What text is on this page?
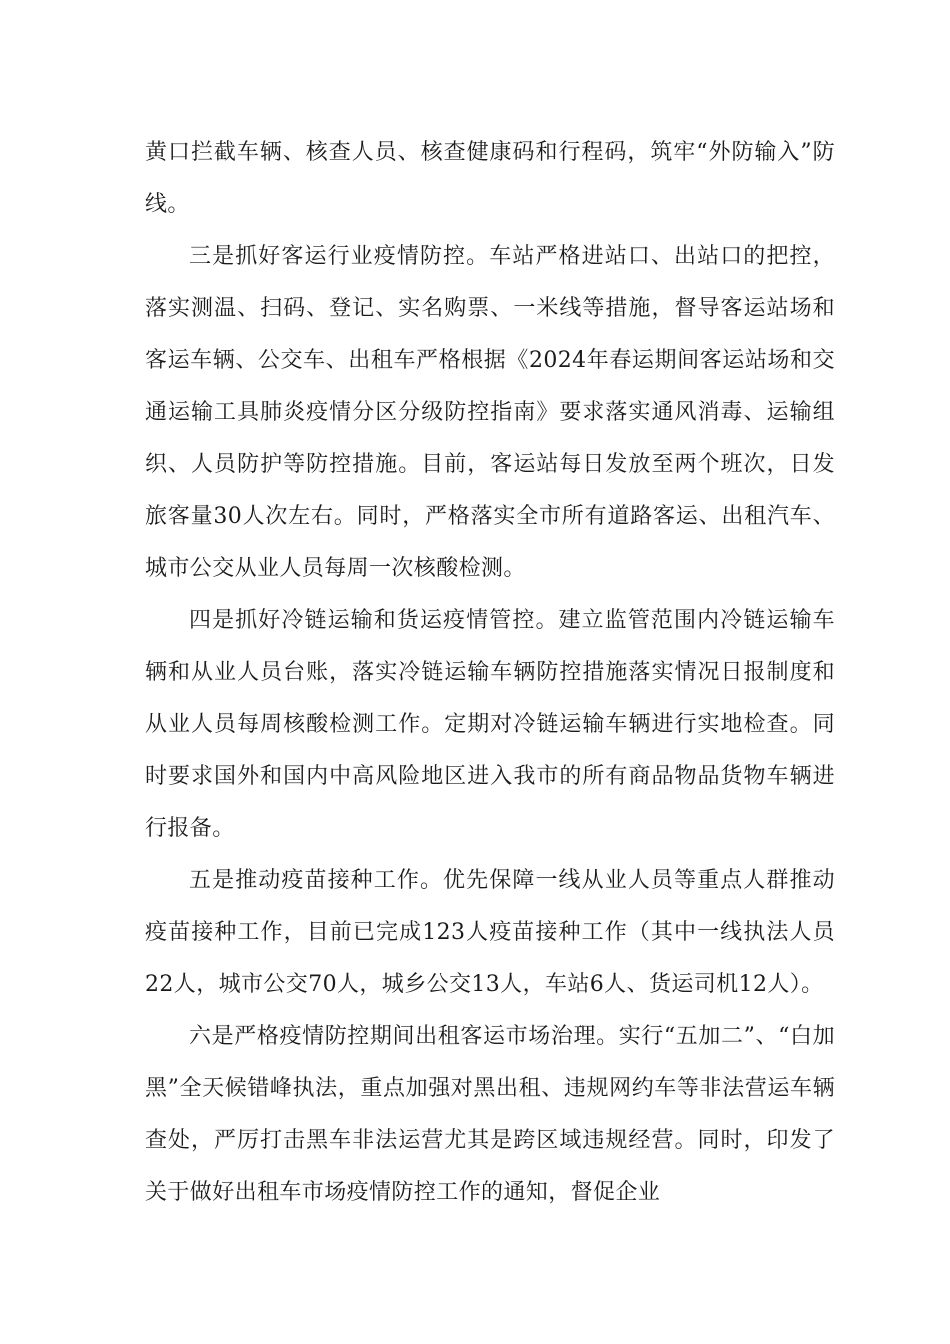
黄口拦截车辆、核查人员、核查健康码和行程码，筑牢“外防输入”防线。

三是抓好客运行业疫情防控。车站严格进站口、出站口的把控，落实测温、扫码、登记、实名购票、一米线等措施，督导客运站场和客运车辆、公交车、出租车严格根据《2024年春运期间客运站场和交通运输工具肺炎疫情分区分级防控指南》要求落实通风消毒、运输组织、人员防护等防控措施。目前，客运站每日发放至两个班次，日发旅客量30人次左右。同时，严格落实全市所有道路客运、出租汽车、城市公交从业人员每周一次核酸检测。

四是抓好冷链运输和货运疫情管控。建立监管范围内冷链运输车辆和从业人员台账，落实冷链运输车辆防控措施落实情况日报制度和从业人员每周核酸检测工作。定期对冷链运输车辆进行实地检查。同时要求国外和国内中高风险地区进入我市的所有商品物品货物车辆进行报备。

五是推动疫苗接种工作。优先保障一线从业人员等重点人群推动疫苗接种工作，目前已完成123人疫苗接种工作（其中一线执法人员22人，城市公交70人，城乡公交13人，车站6人、货运司机12人）。

六是严格疫情防控期间出租客运市场治理。实行“五加二”、“白加黑”全天候错峰执法，重点加强对黑出租、违规网约车等非法营运车辆查处，严厉打击黑车非法运营尤其是跨区域违规经营。同时，印发了关于做好出租车市场疫情防控工作的通知，督促企业
